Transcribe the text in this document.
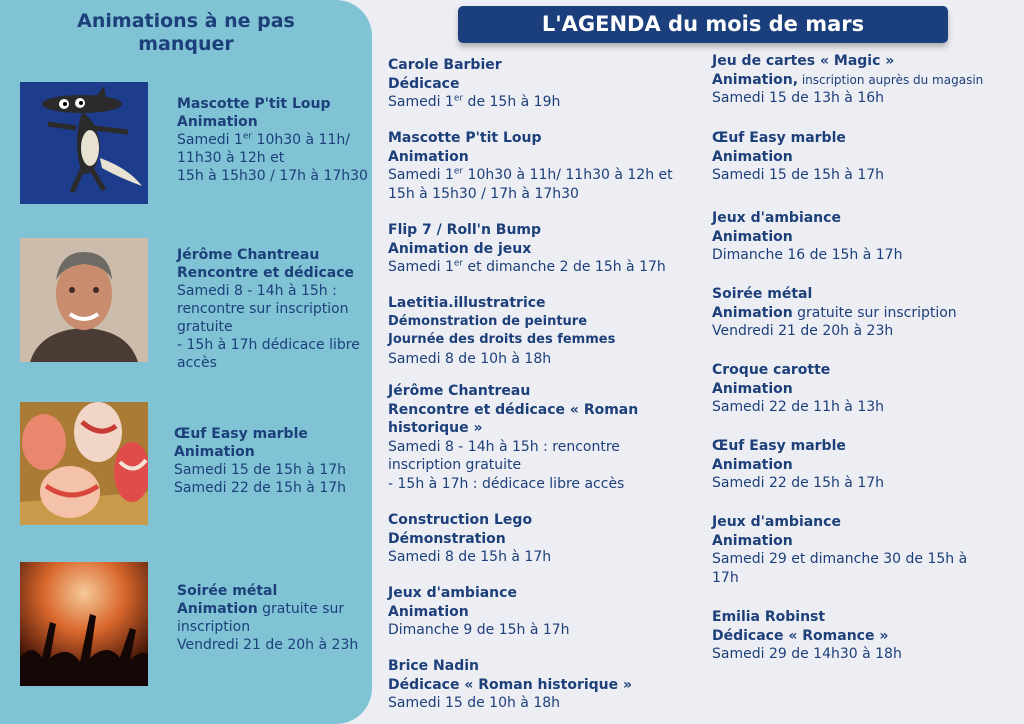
Animations à ne pas
manquer
Mascotte P'tit Loup
Animation
Samedi 1er 10h30 à 11h/
11h30 à 12h et
15h à 15h30 / 17h à 17h30
Jérôme Chantreau
Rencontre et dédicace
Samedi 8 - 14h à 15h :
rencontre sur inscription
gratuite
- 15h à 17h dédicace libre
accès
Œuf Easy marble
Animation
Samedi 15 de 15h à 17h
Samedi 22 de 15h à 17h
Soirée métal
Animation gratuite sur
inscription
Vendredi 21 de 20h à 23h
L'AGENDA du mois de mars
Carole Barbier
Dédicace
Samedi 1er de 15h à 19h
Mascotte P'tit Loup
Animation
Samedi 1er 10h30 à 11h/ 11h30 à 12h et
15h à 15h30 / 17h à 17h30
Flip 7 / Roll'n Bump
Animation de jeux
Samedi 1er et dimanche 2 de 15h à 17h
Laetitia.illustratrice
Démonstration de peinture
Journée des droits des femmes
Samedi 8 de 10h à 18h
Jérôme Chantreau
Rencontre et dédicace « Roman
historique »
Samedi 8 - 14h à 15h : rencontre
inscription gratuite
- 15h à 17h : dédicace libre accès
Construction Lego
Démonstration
Samedi 8 de 15h à 17h
Jeux d'ambiance
Animation
Dimanche 9 de 15h à 17h
Brice Nadin
Dédicace « Roman historique »
Samedi 15 de 10h à 18h
Jeu de cartes « Magic »
Animation, inscription auprès du magasin
Samedi 15 de 13h à 16h
Œuf Easy marble
Animation
Samedi 15 de 15h à 17h
Jeux d'ambiance
Animation
Dimanche 16 de 15h à 17h
Soirée métal
Animation gratuite sur inscription
Vendredi 21 de 20h à 23h
Croque carotte
Animation
Samedi 22 de 11h à 13h
Œuf Easy marble
Animation
Samedi 22 de 15h à 17h
Jeux d'ambiance
Animation
Samedi 29 et dimanche 30 de 15h à
17h
Emilia Robinst
Dédicace « Romance »
Samedi 29 de 14h30 à 18h
